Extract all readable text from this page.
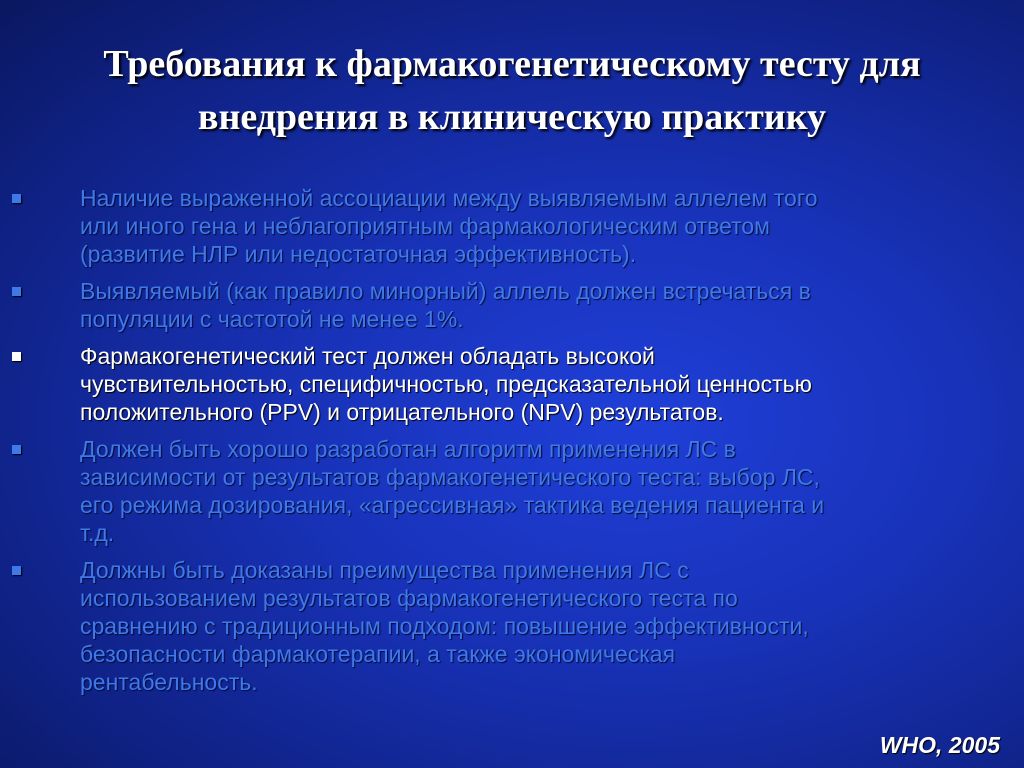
Требования к фармакогенетическому тесту для
внедрения в клиническую практику
Наличие выраженной ассоциации между выявляемым аллелем того
или иного гена и неблагоприятным фармакологическим ответом
(развитие НЛР или недостаточная эффективность).
Выявляемый (как правило минорный) аллель должен встречаться в
популяции с частотой не менее 1%.
Фармакогенетический тест должен обладать высокой
чувствительностью, специфичностью, предсказательной ценностью
положительного (PPV) и отрицательного (NPV) результатов.
Должен быть хорошо разработан алгоритм применения ЛС в
зависимости от результатов фармакогенетического теста: выбор ЛС,
его режима дозирования, «агрессивная» тактика ведения пациента и
т.д.
Должны быть доказаны преимущества применения ЛС с
использованием результатов фармакогенетического теста по
сравнению с традиционным подходом: повышение эффективности,
безопасности фармакотерапии, а также экономическая
рентабельность.
WHO, 2005
